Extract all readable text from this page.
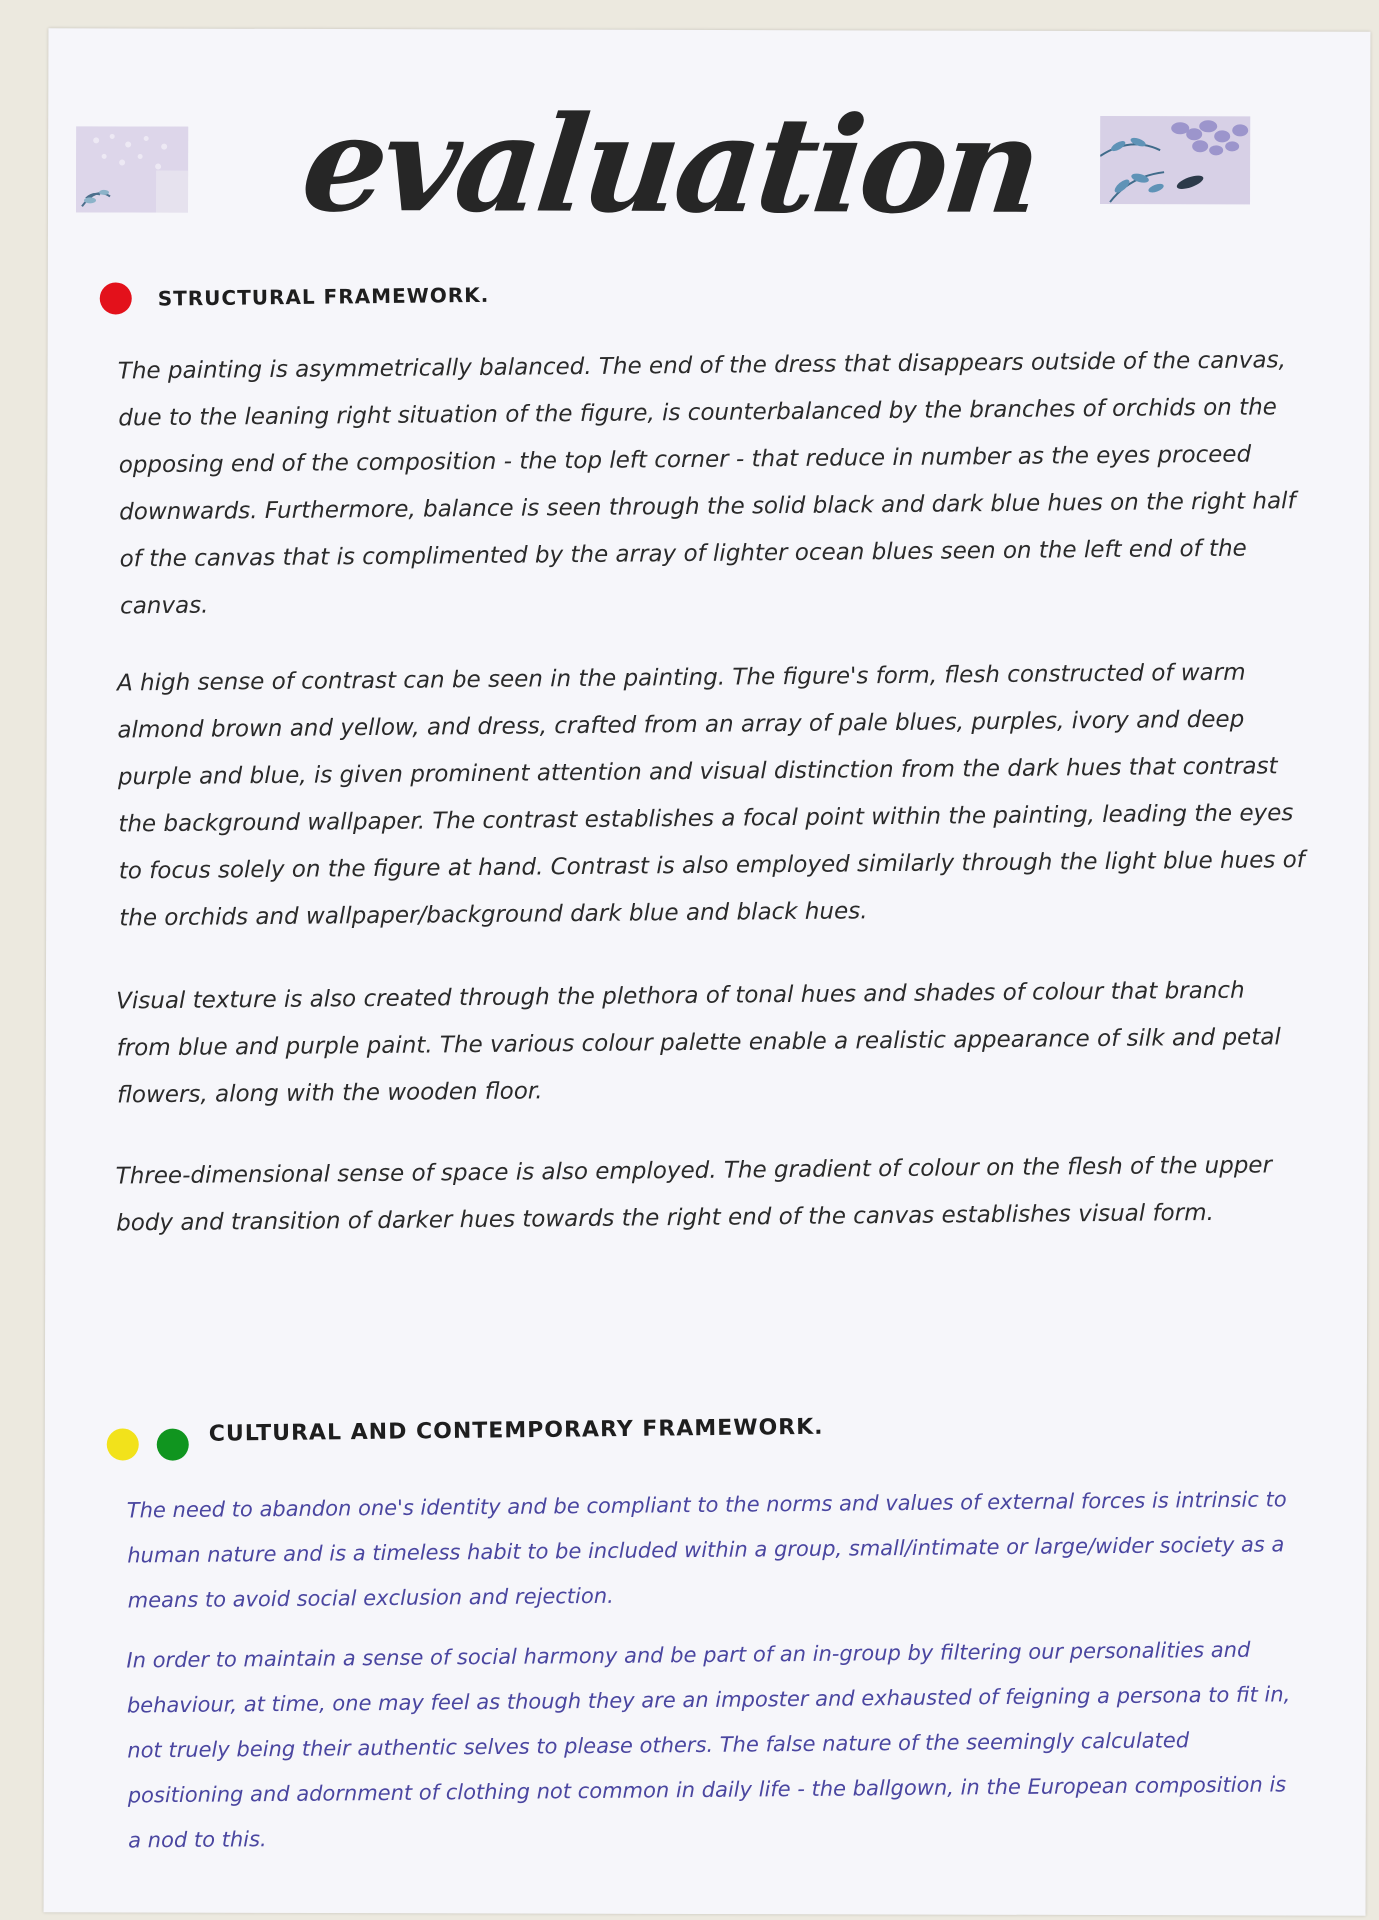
evaluation
STRUCTURAL FRAMEWORK.
The painting is asymmetrically balanced. The end of the dress that disappears outside of the canvas, due to the leaning right situation of the figure, is counterbalanced by the branches of orchids on the opposing end of the composition - the top left corner - that reduce in number as the eyes proceed downwards. Furthermore, balance is seen through the solid black and dark blue hues on the right half of the canvas that is complimented by the array of lighter ocean blues seen on the left end of the canvas.
A high sense of contrast can be seen in the painting. The figure's form, flesh constructed of warm almond brown and yellow, and dress, crafted from an array of pale blues, purples, ivory and deep purple and blue, is given prominent attention and visual distinction from the dark hues that contrast the background wallpaper. The contrast establishes a focal point within the painting, leading the eyes to focus solely on the figure at hand. Contrast is also employed similarly through the light blue hues of the orchids and wallpaper/background dark blue and black hues.
Visual texture is also created through the plethora of tonal hues and shades of colour that branch from blue and purple paint. The various colour palette enable a realistic appearance of silk and petal flowers, along with the wooden floor.
Three-dimensional sense of space is also employed. The gradient of colour on the flesh of the upper body and transition of darker hues towards the right end of the canvas establishes visual form.
CULTURAL AND CONTEMPORARY FRAMEWORK.
The need to abandon one's identity and be compliant to the norms and values of external forces is intrinsic to human nature and is a timeless habit to be included within a group, small/intimate or large/wider society as a means to avoid social exclusion and rejection.
In order to maintain a sense of social harmony and be part of an in-group by filtering our personalities and behaviour, at time, one may feel as though they are an imposter and exhausted of feigning a persona to fit in, not truely being their authentic selves to please others. The false nature of the seemingly calculated positioning and adornment of clothing not common in daily life - the ballgown, in the European composition is a nod to this.
